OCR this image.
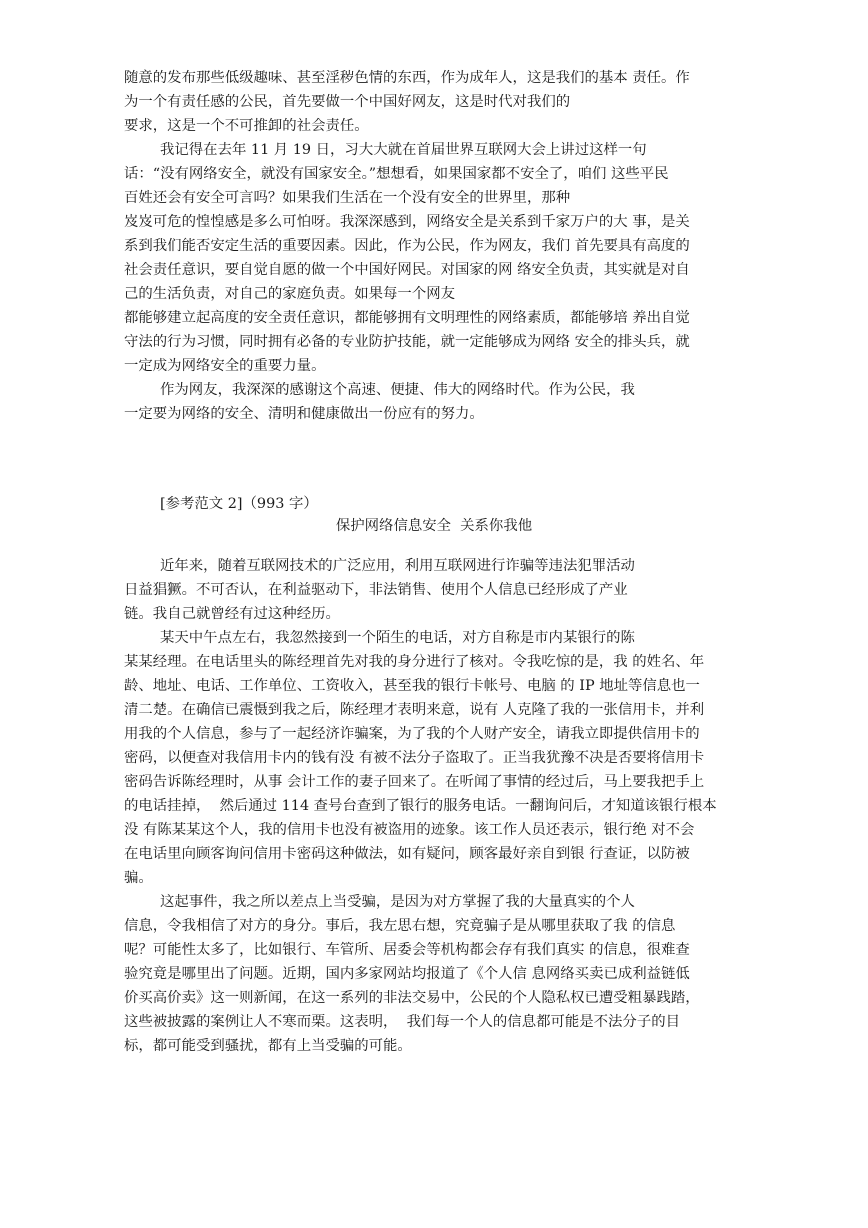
随意的发布那些低级趣味、甚至淫秽色情的东西，作为成年人，这是我们的基本 责任。作
为一个有责任感的公民，首先要做一个中国好网友，这是时代对我们的
要求，这是一个不可推卸的社会责任。
我记得在去年 11 月 19 日，习大大就在首届世界互联网大会上讲过这样一句
话：“没有网络安全，就没有国家安全。”想想看，如果国家都不安全了，咱们 这些平民
百姓还会有安全可言吗？如果我们生活在一个没有安全的世界里，那种
岌岌可危的惶惶感是多么可怕呀。我深深感到，网络安全是关系到千家万户的大 事，是关
系到我们能否安定生活的重要因素。因此，作为公民，作为网友，我们 首先要具有高度的
社会责任意识，要自觉自愿的做一个中国好网民。对国家的网 络安全负责，其实就是对自
己的生活负责，对自己的家庭负责。如果每一个网友
都能够建立起高度的安全责任意识，都能够拥有文明理性的网络素质，都能够培 养出自觉
守法的行为习惯，同时拥有必备的专业防护技能，就一定能够成为网络 安全的排头兵，就
一定成为网络安全的重要力量。
作为网友，我深深的感谢这个高速、便捷、伟大的网络时代。作为公民，我
一定要为网络的安全、清明和健康做出一份应有的努力。
[参考范文 2]（993 字）
保护网络信息安全  关系你我他
近年来，随着互联网技术的广泛应用，利用互联网进行诈骗等违法犯罪活动
日益猖獗。不可否认，在利益驱动下，非法销售、使用个人信息已经形成了产业
链。我自己就曾经有过这种经历。
某天中午点左右，我忽然接到一个陌生的电话，对方自称是市内某银行的陈
某某经理。在电话里头的陈经理首先对我的身分进行了核对。令我吃惊的是，我 的姓名、年
龄、地址、电话、工作单位、工资收入，甚至我的银行卡帐号、电脑 的 IP 地址等信息也一
清二楚。在确信已震慑到我之后，陈经理才表明来意，说有 人克隆了我的一张信用卡，并利
用我的个人信息，参与了一起经济诈骗案，为了我的个人财产安全，请我立即提供信用卡的
密码，以便查对我信用卡内的钱有没 有被不法分子盗取了。正当我犹豫不决是否要将信用卡
密码告诉陈经理时，从事 会计工作的妻子回来了。在听闻了事情的经过后，马上要我把手上
的电话挂掉，  然后通过 114 查号台查到了银行的服务电话。一翻询问后，才知道该银行根本
没 有陈某某这个人，我的信用卡也没有被盗用的迹象。该工作人员还表示，银行绝 对不会
在电话里向顾客询问信用卡密码这种做法，如有疑问，顾客最好亲自到银 行查证，以防被
骗。
这起事件，我之所以差点上当受骗，是因为对方掌握了我的大量真实的个人
信息，令我相信了对方的身分。事后，我左思右想，究竟骗子是从哪里获取了我 的信息
呢？可能性太多了，比如银行、车管所、居委会等机构都会存有我们真实 的信息，很难查
验究竟是哪里出了问题。近期，国内多家网站均报道了《个人信 息网络买卖已成利益链低
价买高价卖》这一则新闻，在这一系列的非法交易中，公民的个人隐私权已遭受粗暴践踏，
这些被披露的案例让人不寒而栗。这表明，  我们每一个人的信息都可能是不法分子的目
标，都可能受到骚扰，都有上当受骗的可能。
